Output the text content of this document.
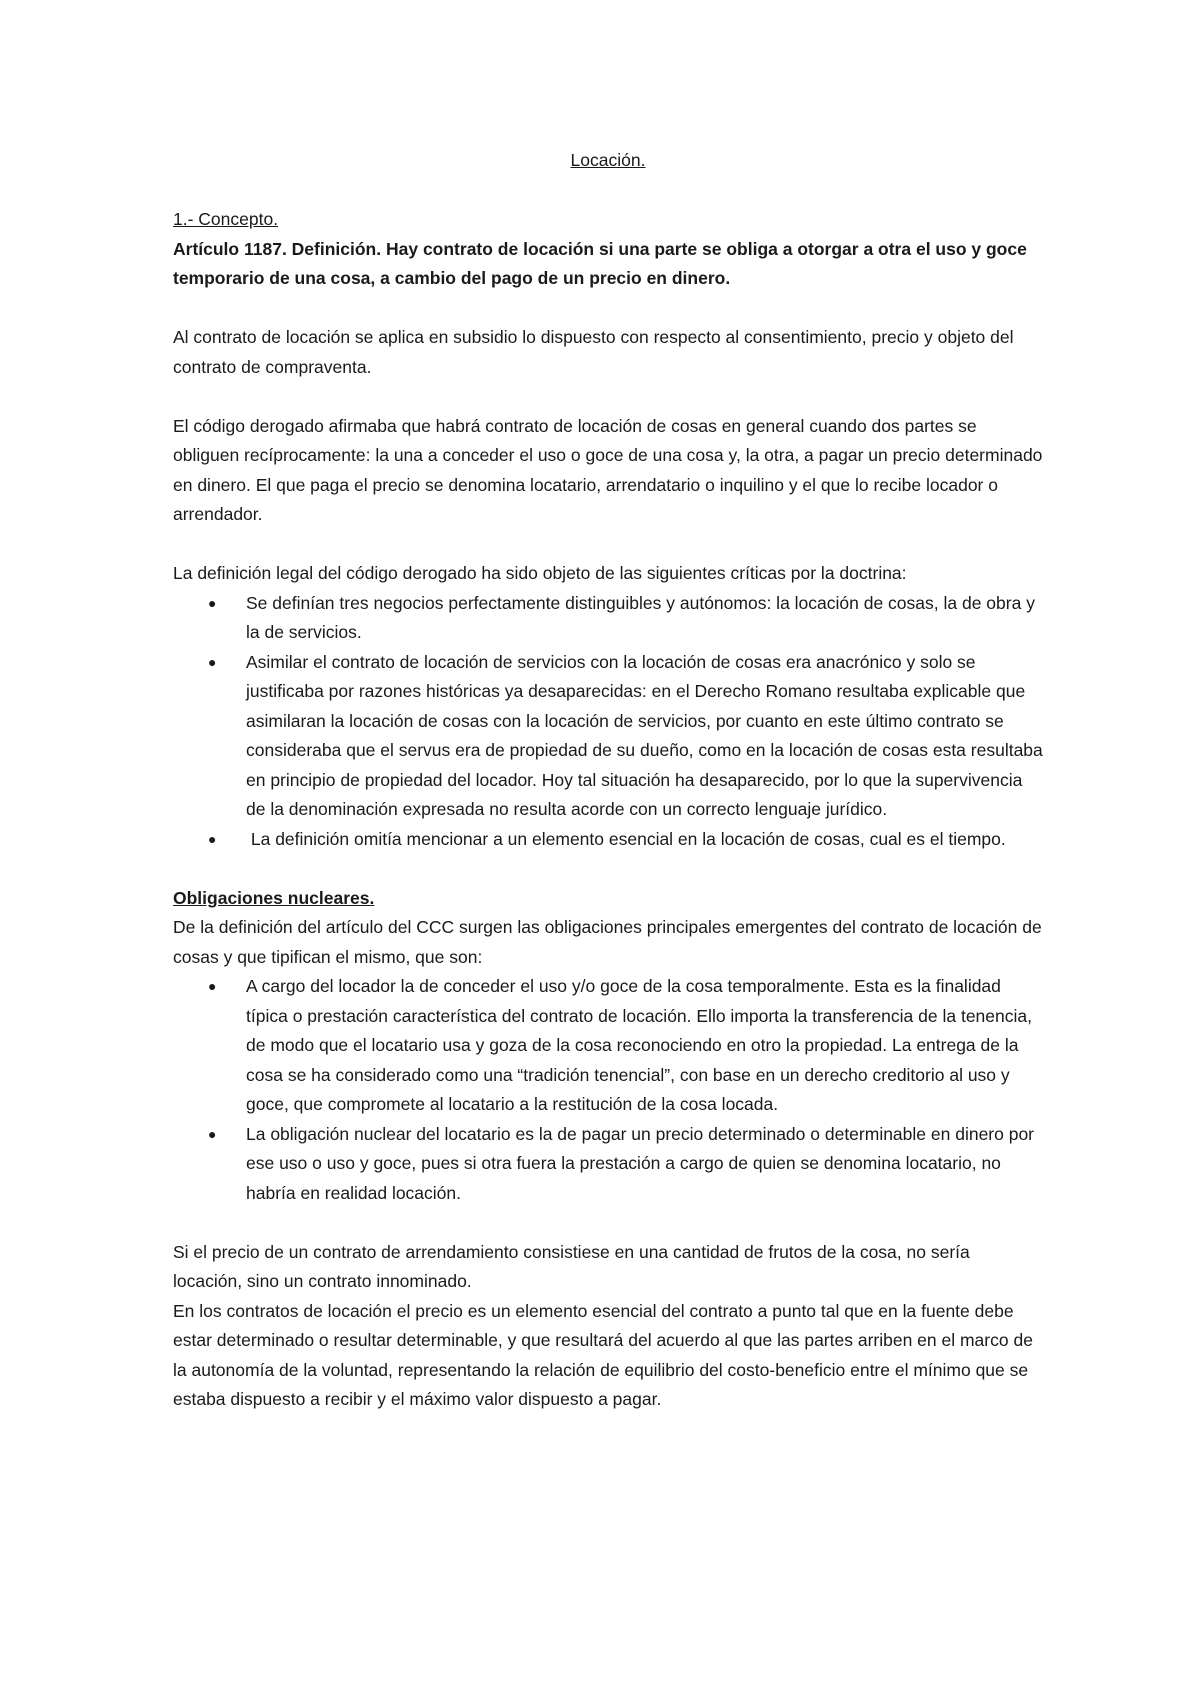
Locación.

1.- Concepto.

Artículo 1187. Definición. Hay contrato de locación si una parte se obliga a otorgar a otra el uso y goce temporario de una cosa, a cambio del pago de un precio en dinero.

Al contrato de locación se aplica en subsidio lo dispuesto con respecto al consentimiento, precio y objeto del contrato de compraventa.

El código derogado afirmaba que habrá contrato de locación de cosas en general cuando dos partes se obliguen recíprocamente: la una a conceder el uso o goce de una cosa y, la otra, a pagar un precio determinado en dinero. El que paga el precio se denomina locatario, arrendatario o inquilino y el que lo recibe locador o arrendador.

La definición legal del código derogado ha sido objeto de las siguientes críticas por la doctrina:

● Se definían tres negocios perfectamente distinguibles y autónomos: la locación de cosas, la de obra y la de servicios.
● Asimilar el contrato de locación de servicios con la locación de cosas era anacrónico y solo se justificaba por razones históricas ya desaparecidas: en el Derecho Romano resultaba explicable que asimilaran la locación de cosas con la locación de servicios, por cuanto en este último contrato se consideraba que el servus era de propiedad de su dueño, como en la locación de cosas esta resultaba en principio de propiedad del locador. Hoy tal situación ha desaparecido, por lo que la supervivencia de la denominación expresada no resulta acorde con un correcto lenguaje jurídico.
● La definición omitía mencionar a un elemento esencial en la locación de cosas, cual es el tiempo.

Obligaciones nucleares.

De la definición del artículo del CCC surgen las obligaciones principales emergentes del contrato de locación de cosas y que tipifican el mismo, que son:

● A cargo del locador la de conceder el uso y/o goce de la cosa temporalmente. Esta es la finalidad típica o prestación característica del contrato de locación. Ello importa la transferencia de la tenencia, de modo que el locatario usa y goza de la cosa reconociendo en otro la propiedad. La entrega de la cosa se ha considerado como una “tradición tenencial”, con base en un derecho creditorio al uso y goce, que compromete al locatario a la restitución de la cosa locada.
● La obligación nuclear del locatario es la de pagar un precio determinado o determinable en dinero por ese uso o uso y goce, pues si otra fuera la prestación a cargo de quien se denomina locatario, no habría en realidad locación.

Si el precio de un contrato de arrendamiento consistiese en una cantidad de frutos de la cosa, no sería locación, sino un contrato innominado.

En los contratos de locación el precio es un elemento esencial del contrato a punto tal que en la fuente debe estar determinado o resultar determinable, y que resultará del acuerdo al que las partes arriben en el marco de la autonomía de la voluntad, representando la relación de equilibrio del costo-beneficio entre el mínimo que se estaba dispuesto a recibir y el máximo valor dispuesto a pagar.
